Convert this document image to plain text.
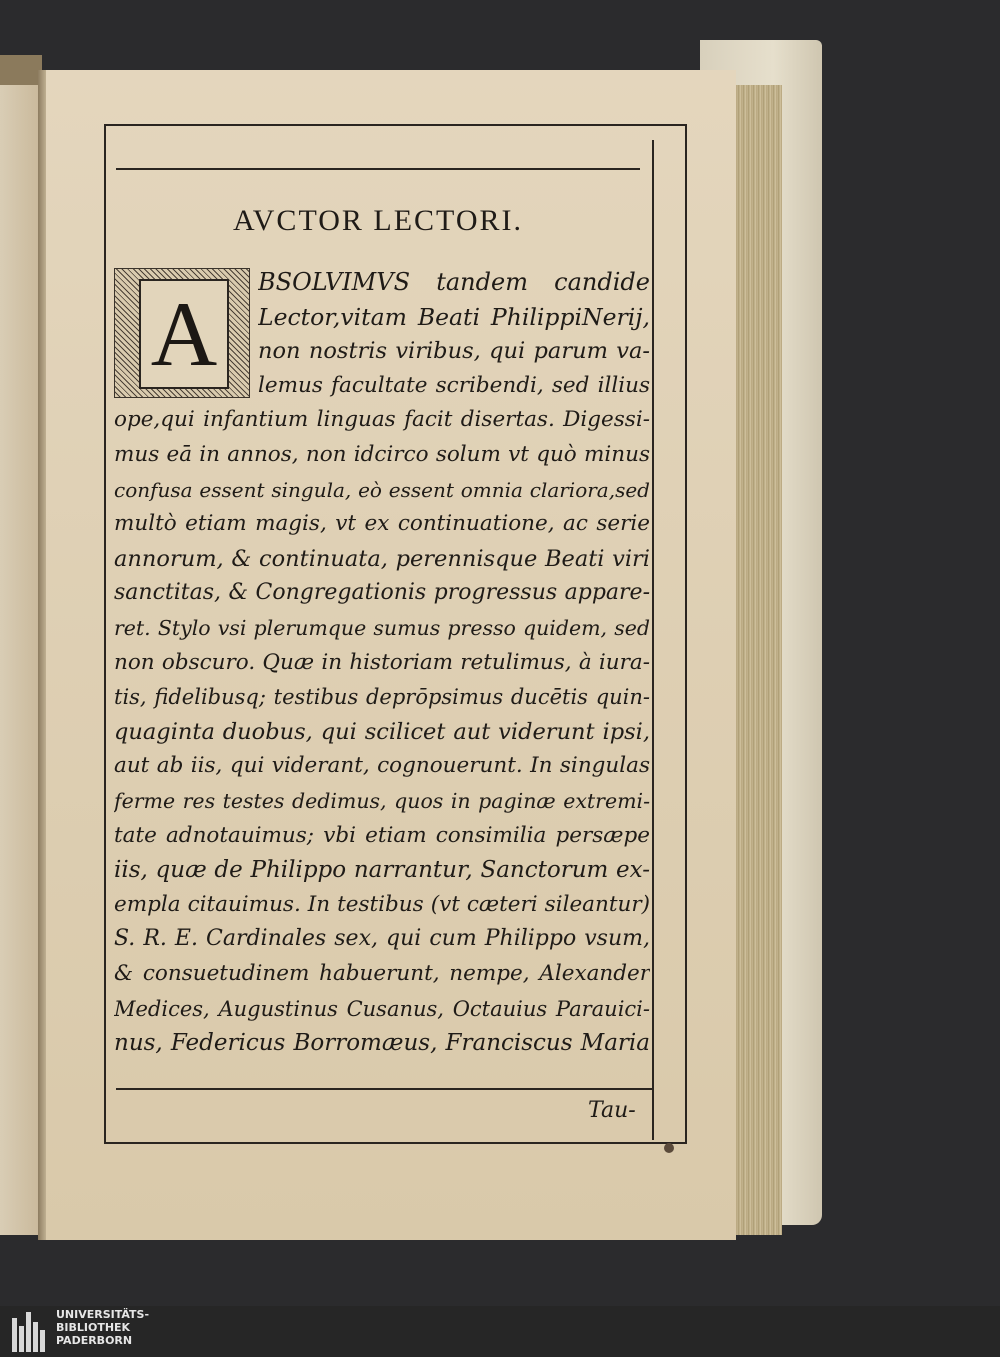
AVCTOR LECTORI.
A
BSOLVIMVS tandem candide
Lector,vitam Beati PhilippiNerij,
non nostris viribus, qui parum va-
lemus facultate scribendi, sed illius
ope,qui infantium linguas facit disertas. Digessi-
mus eā in annos, non idcirco solum vt quò minus
confusa essent singula, eò essent omnia clariora,sed
multò etiam magis, vt ex continuatione, ac serie
annorum, & continuata, perennisque Beati viri
sanctitas, & Congregationis progressus appare-
ret. Stylo vsi plerumque sumus presso quidem, sed
non obscuro. Quæ in historiam retulimus, à iura-
tis, fidelibusq; testibus deprōpsimus ducētis quin-
quaginta duobus, qui scilicet aut viderunt ipsi,
aut ab iis, qui viderant, cognouerunt. In singulas
ferme res testes dedimus, quos in paginæ extremi-
tate adnotauimus; vbi etiam consimilia persæpe
iis, quæ de Philippo narrantur, Sanctorum ex-
empla citauimus. In testibus (vt cæteri sileantur)
S. R. E. Cardinales sex, qui cum Philippo vsum,
& consuetudinem habuerunt, nempe, Alexander
Medices, Augustinus Cusanus, Octauius Parauici-
nus, Federicus Borromæus, Franciscus Maria
Tau-
UNIVERSITÄTS-
BIBLIOTHEK
PADERBORN
